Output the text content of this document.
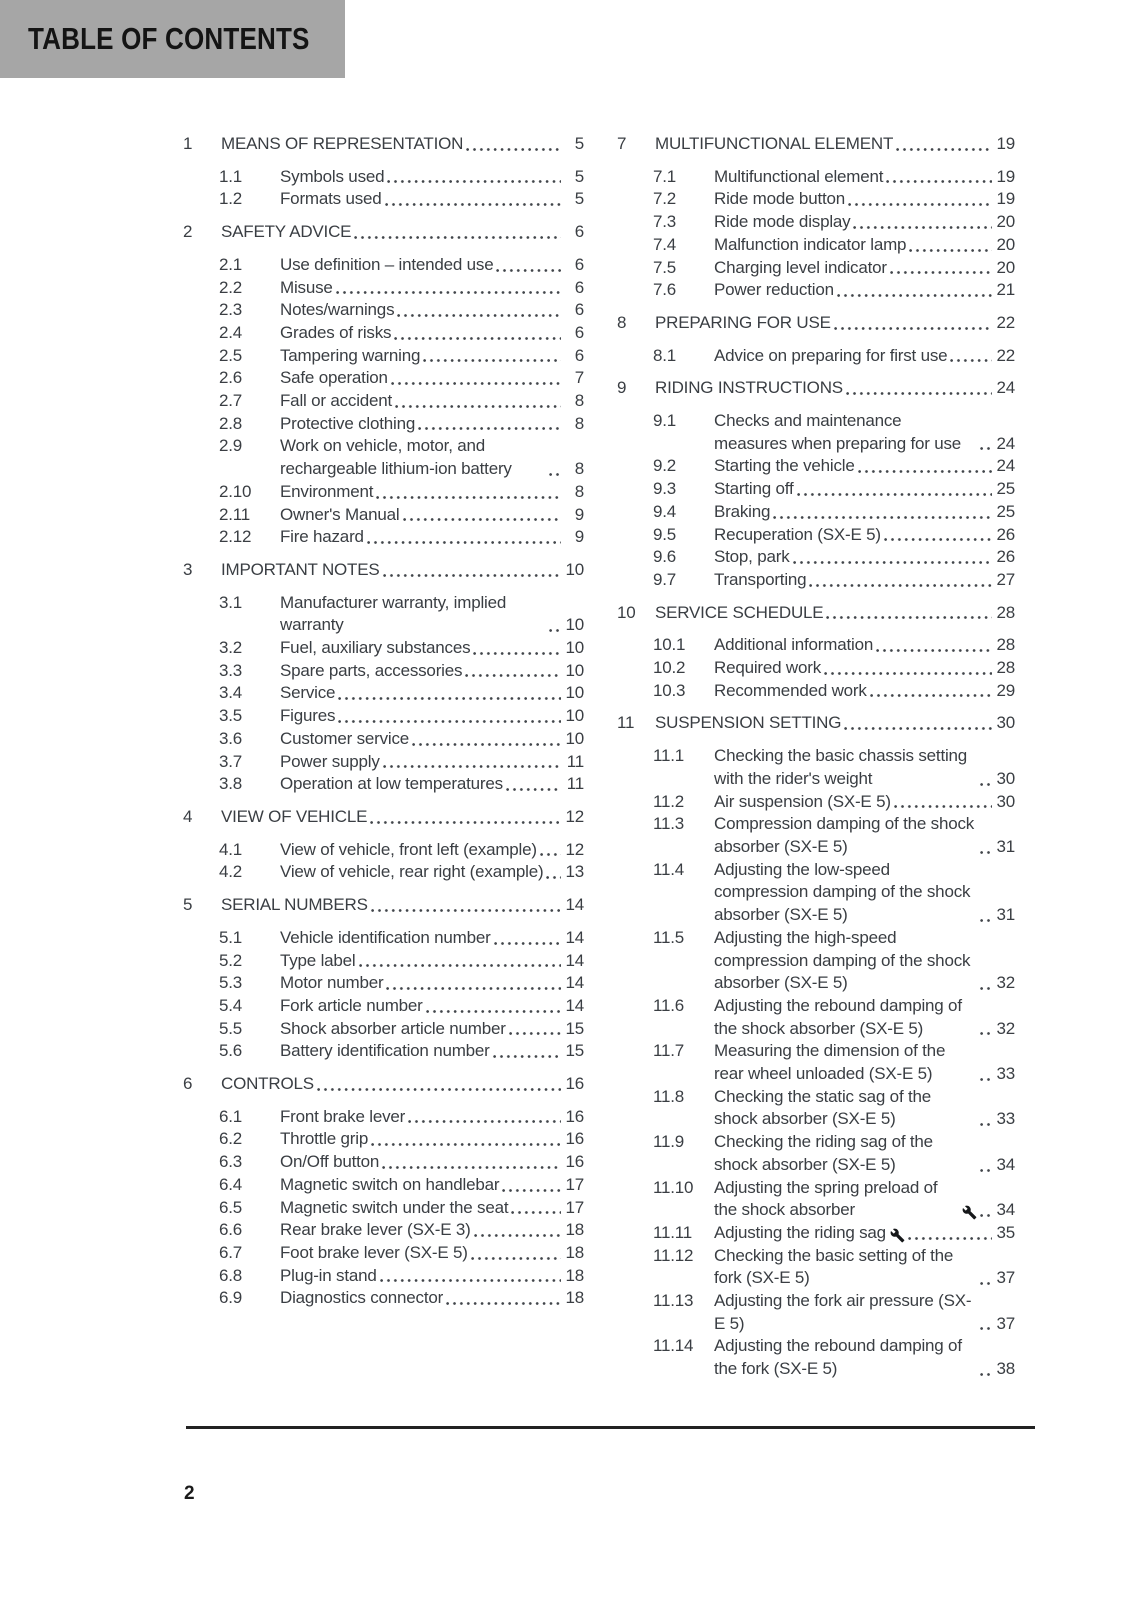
TABLE OF CONTENTS
1	MEANS OF REPRESENTATION	5
1.1	Symbols used	5
1.2	Formats used	5
2	SAFETY ADVICE	6
2.1	Use definition – intended use	6
2.2	Misuse	6
2.3	Notes/warnings	6
2.4	Grades of risks	6
2.5	Tampering warning	6
2.6	Safe operation	7
2.7	Fall or accident	8
2.8	Protective clothing	8
2.9	Work on vehicle, motor, and rechargeable lithium-ion battery	8
2.10	Environment	8
2.11	Owner's Manual	9
2.12	Fire hazard	9
3	IMPORTANT NOTES	10
3.1	Manufacturer warranty, implied warranty	10
3.2	Fuel, auxiliary substances	10
3.3	Spare parts, accessories	10
3.4	Service	10
3.5	Figures	10
3.6	Customer service	10
3.7	Power supply	11
3.8	Operation at low temperatures	11
4	VIEW OF VEHICLE	12
4.1	View of vehicle, front left (example) 12
4.2	View of vehicle, rear right (example) 13
5	SERIAL NUMBERS	14
5.1	Vehicle identification number	14
5.2	Type label	14
5.3	Motor number	14
5.4	Fork article number	14
5.5	Shock absorber article number	15
5.6	Battery identification number	15
6	CONTROLS	16
6.1	Front brake lever	16
6.2	Throttle grip	16
6.3	On/Off button	16
6.4	Magnetic switch on handlebar	17
6.5	Magnetic switch under the seat	17
6.6	Rear brake lever (SX-E 3)	18
6.7	Foot brake lever (SX-E 5)	18
6.8	Plug-in stand	18
6.9	Diagnostics connector	18
7	MULTIFUNCTIONAL ELEMENT	19
7.1	Multifunctional element	19
7.2	Ride mode button	19
7.3	Ride mode display	20
7.4	Malfunction indicator lamp	20
7.5	Charging level indicator	20
7.6	Power reduction	21
8	PREPARING FOR USE	22
8.1	Advice on preparing for first use	22
9	RIDING INSTRUCTIONS	24
9.1	Checks and maintenance measures when preparing for use	24
9.2	Starting the vehicle	24
9.3	Starting off	25
9.4	Braking	25
9.5	Recuperation (SX-E 5)	26
9.6	Stop, park	26
9.7	Transporting	27
10	SERVICE SCHEDULE	28
10.1	Additional information	28
10.2	Required work	28
10.3	Recommended work	29
11	SUSPENSION SETTING	30
11.1	Checking the basic chassis setting with the rider's weight	30
11.2	Air suspension (SX-E 5)	30
11.3	Compression damping of the shock absorber (SX-E 5)	31
11.4	Adjusting the low-speed compression damping of the shock absorber (SX-E 5)	31
11.5	Adjusting the high-speed compression damping of the shock absorber (SX-E 5)	32
11.6	Adjusting the rebound damping of the shock absorber (SX-E 5)	32
11.7	Measuring the dimension of the rear wheel unloaded (SX-E 5)	33
11.8	Checking the static sag of the shock absorber (SX-E 5)	33
11.9	Checking the riding sag of the shock absorber (SX-E 5)	34
11.10	Adjusting the spring preload of the shock absorber	34
11.11	Adjusting the riding sag	35
11.12	Checking the basic setting of the fork (SX-E 5)	37
11.13	Adjusting the fork air pressure (SX-E 5)	37
11.14	Adjusting the rebound damping of the fork (SX-E 5)	38
2
